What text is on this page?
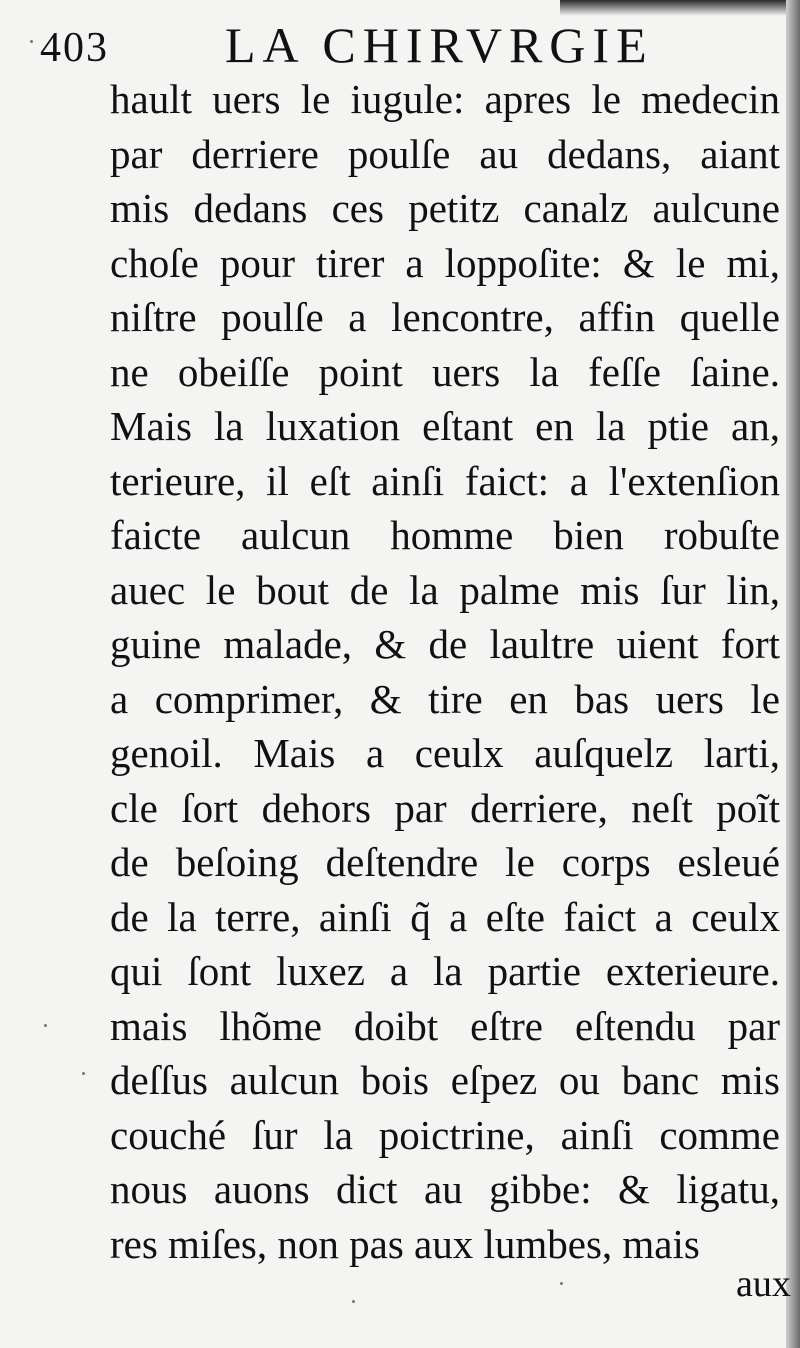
403 LA CHIRVRGIE
hault uers le iugule: apres le medecin
par derriere poulſe au dedans, aiant
mis dedans ces petitz canalz aulcune
choſe pour tirer a loppoſite: & le mi,
niſtre poulſe a lencontre, affin quelle
ne obeiſſe point uers la feſſe ſaine.
Mais la luxation eſtant en la ptie an,
terieure, il eſt ainſi faict: a l'extenſion
faicte aulcun homme bien robuſte
auec le bout de la palme mis ſur lin,
guine malade, & de laultre uient fort
a comprimer, & tire en bas uers le
genoil. Mais a ceulx auſquelz larti,
cle ſort dehors par derriere, neſt poĩt
de beſoing deſtendre le corps esleué
de la terre, ainſi q̃ a eſte faict a ceulx
qui ſont luxez a la partie exterieure.
mais lhõme doibt eſtre eſtendu par
deſſus aulcun bois eſpez ou banc mis
couché ſur la poictrine, ainſi comme
nous auons dict au gibbe: & ligatu,
res miſes, non pas aux lumbes, mais
aux
